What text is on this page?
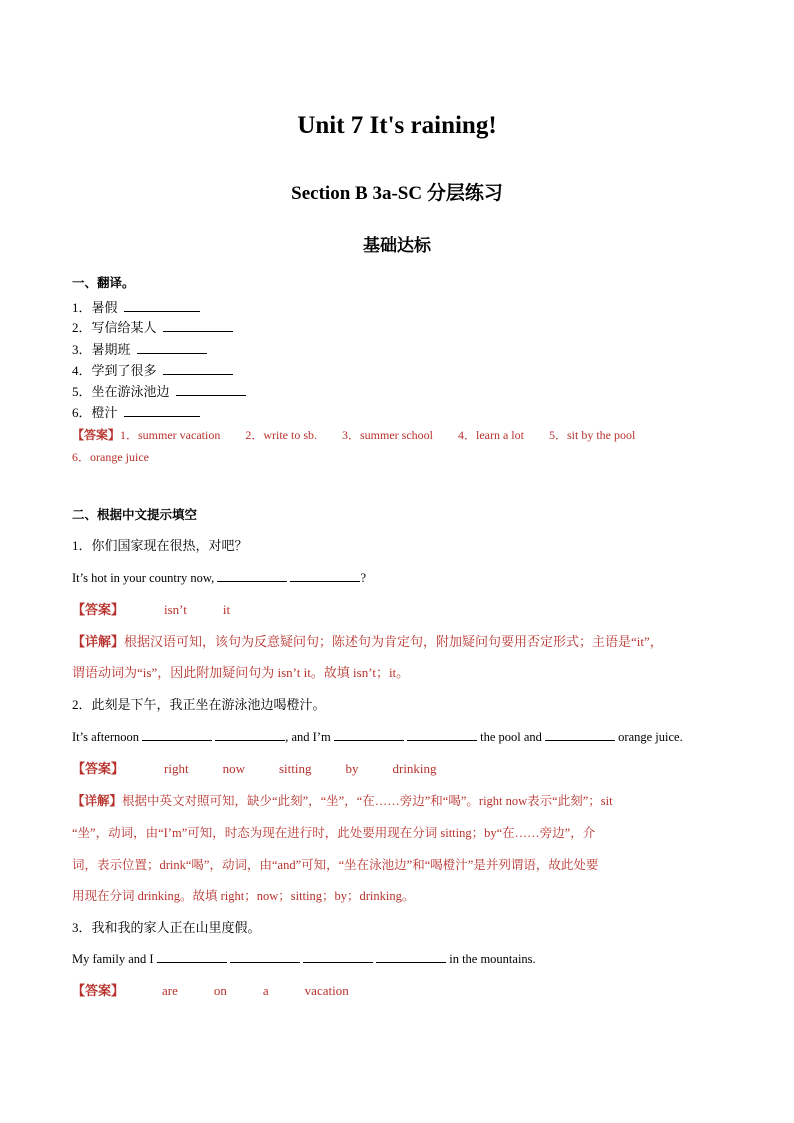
Unit 7 It's raining!
Section B 3a-SC 分层练习
基础达标
一、翻译。
1．暑假
2．写信给某人
3．暑期班
4．学到了很多
5．坐在游泳池边
6．橙汁
【答案】1．summer vacation 2．write to sb. 3．summer school 4．learn a lot 5．sit by the pool
6．orange juice
二、根据中文提示填空
1．你们国家现在很热，对吧？
It’s hot in your country now,	?
【答案】	isn’t	it
【详解】根据汉语可知，该句为反意疑问句；陈述句为肯定句，附加疑问句要用否定形式；主语是“it”，
谓语动词为“is”，因此附加疑问句为 isn’t it。故填 isn’t；it。
2．此刻是下午，我正坐在游泳池边喝橙汁。
It’s afternoon	, and I’m	the pool and	orange juice.
【答案】	right	now	sitting	by	drinking
【详解】根据中英文对照可知，缺少“此刻”，“坐”，“在……旁边”和“喝”。right now表示“此刻”；sit
“坐”，动词，由“I’m”可知，时态为现在进行时，此处要用现在分词 sitting；by“在……旁边”，介
词，表示位置；drink“喝”，动词，由“and”可知，“坐在泳池边”和“喝橙汁”是并列谓语，故此处要
用现在分词 drinking。故填 right；now；sitting；by；drinking。
3．我和我的家人正在山里度假。
My family and I	in the mountains.
【答案】	are	on	a	vacation
